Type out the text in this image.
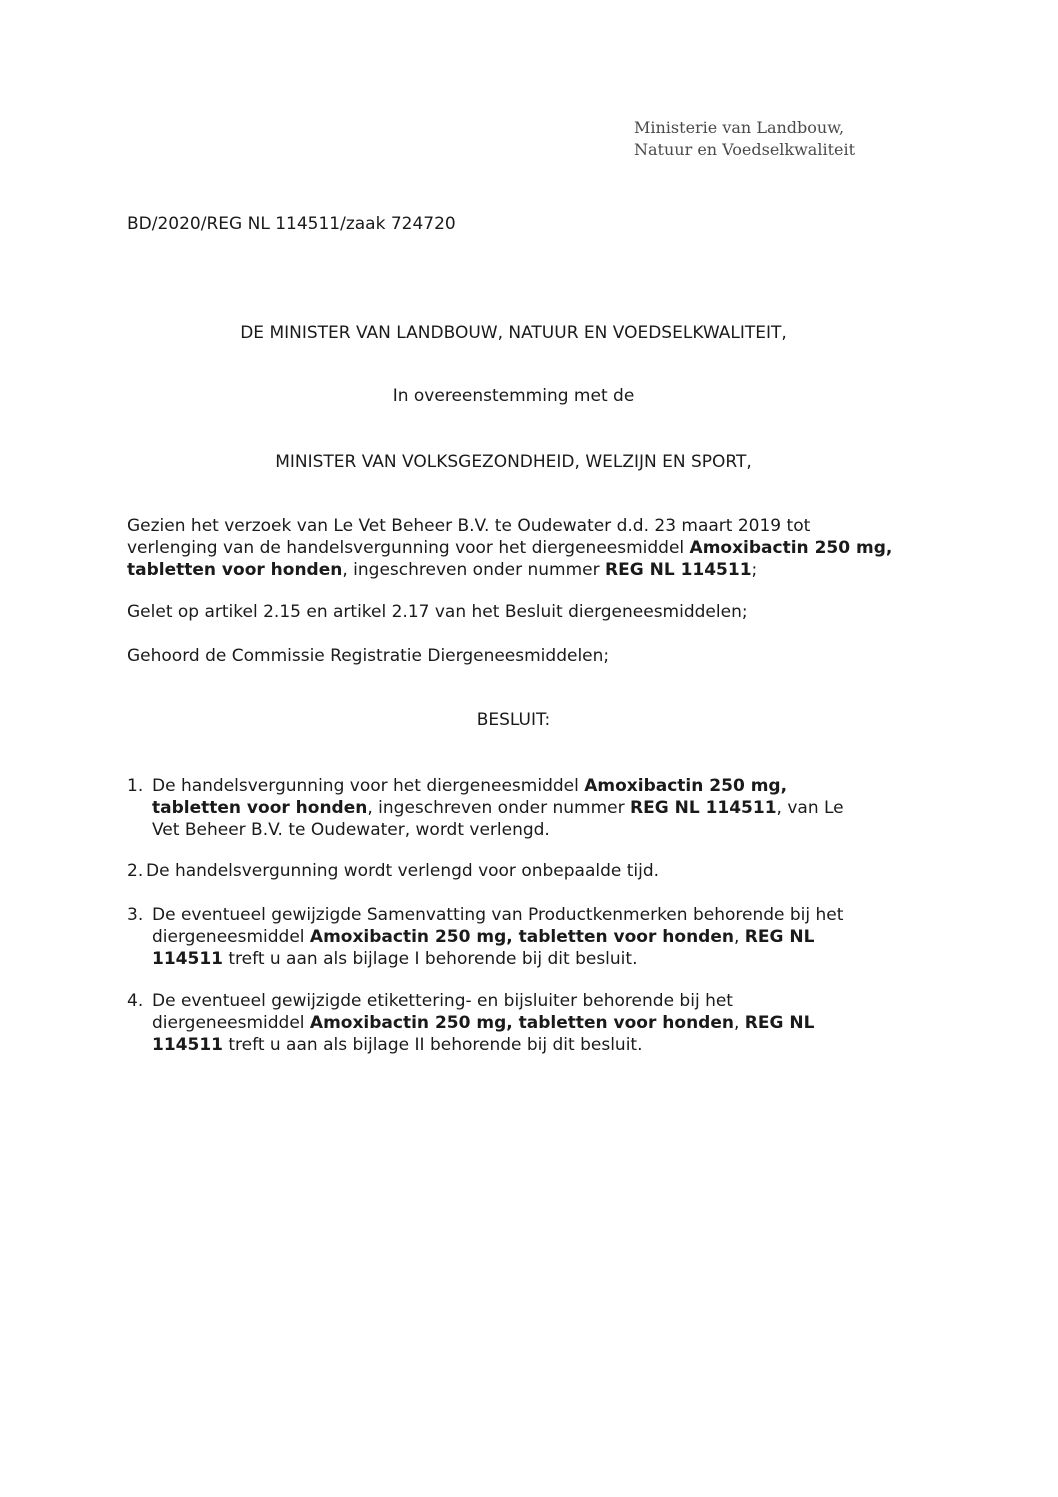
Ministerie van Landbouw,
Natuur en Voedselkwaliteit
BD/2020/REG NL 114511/zaak 724720
DE MINISTER VAN LANDBOUW, NATUUR EN VOEDSELKWALITEIT,
In overeenstemming met de
MINISTER VAN VOLKSGEZONDHEID, WELZIJN EN SPORT,
Gezien het verzoek van Le Vet Beheer B.V. te Oudewater d.d. 23 maart 2019 tot
verlenging van de handelsvergunning voor het diergeneesmiddel Amoxibactin 250 mg,
tabletten voor honden, ingeschreven onder nummer REG NL 114511;
Gelet op artikel 2.15 en artikel 2.17 van het Besluit diergeneesmiddelen;
Gehoord de Commissie Registratie Diergeneesmiddelen;
BESLUIT:
1. De handelsvergunning voor het diergeneesmiddel Amoxibactin 250 mg,
tabletten voor honden, ingeschreven onder nummer REG NL 114511, van Le
Vet Beheer B.V. te Oudewater, wordt verlengd.
2. De handelsvergunning wordt verlengd voor onbepaalde tijd.
3. De eventueel gewijzigde Samenvatting van Productkenmerken behorende bij het
diergeneesmiddel Amoxibactin 250 mg, tabletten voor honden, REG NL
114511 treft u aan als bijlage I behorende bij dit besluit.
4. De eventueel gewijzigde etikettering- en bijsluiter behorende bij het
diergeneesmiddel Amoxibactin 250 mg, tabletten voor honden, REG NL
114511 treft u aan als bijlage II behorende bij dit besluit.
